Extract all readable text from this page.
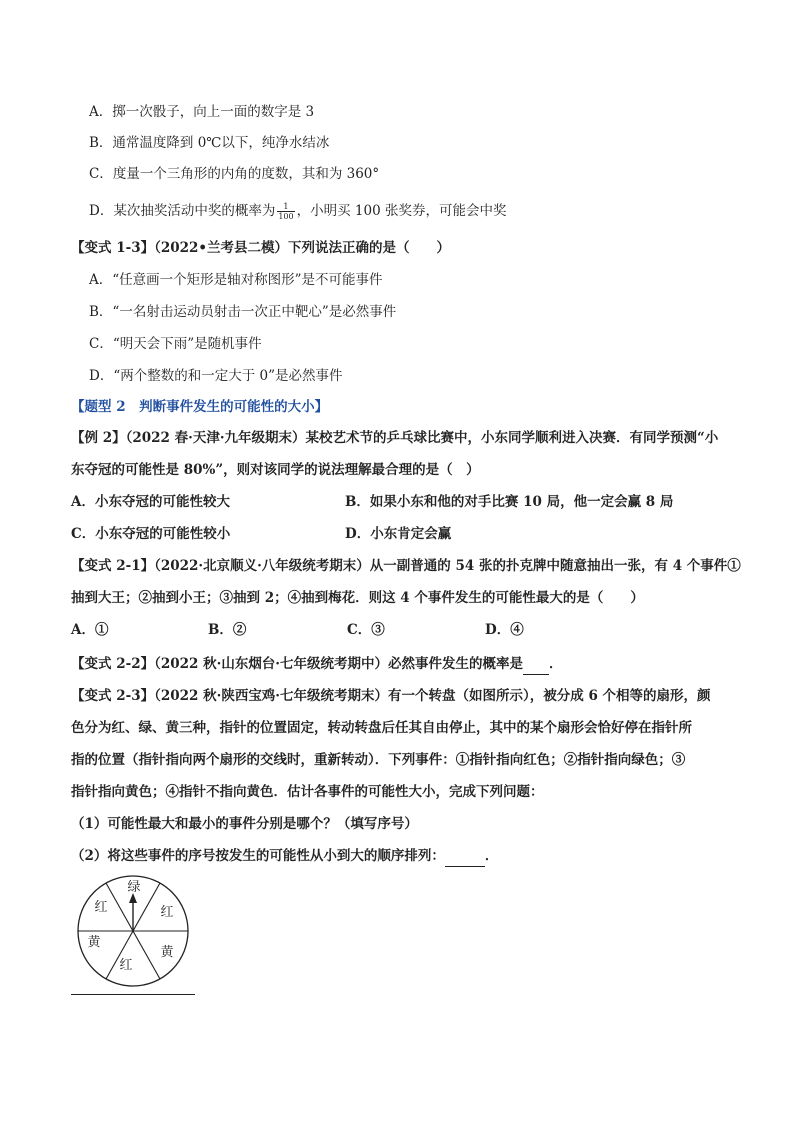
A．掷一次骰子，向上一面的数字是 3
B．通常温度降到 0℃以下，纯净水结冰
C．度量一个三角形的内角的度数，其和为 360°
D．某次抽奖活动中奖的概率为 $\frac{1}{100}$ ，小明买 100 张奖券，可能会中奖
【变式 1-3】（2022•兰考县二模）下列说法正确的是（　　）
A．“任意画一个矩形是轴对称图形”是不可能事件
B．“一名射击运动员射击一次正中靶心”是必然事件
C．“明天会下雨”是随机事件
D．“两个整数的和一定大于 0”是必然事件
【题型 2　判断事件发生的可能性的大小】
【例 2】（2022 春·天津·九年级期末）某校艺术节的乒乓球比赛中，小东同学顺利进入决赛．有同学预测“小
东夺冠的可能性是 80%”，则对该同学的说法理解最合理的是（　）
A．小东夺冠的可能性较大	B．如果小东和他的对手比赛 10 局，他一定会赢 8 局
C．小东夺冠的可能性较小	D．小东肯定会赢
【变式 2-1】（2022·北京顺义·八年级统考期末）从一副普通的 54 张的扑克牌中随意抽出一张，有 4 个事件①
抽到大王；②抽到小王；③抽到 2；④抽到梅花．则这 4 个事件发生的可能性最大的是（　　）
A．①	B．②	C．③	D．④
【变式 2-2】（2022 秋·山东烟台·七年级统考期中）必然事件发生的概率是 ．
【变式 2-3】（2022 秋·陕西宝鸡·七年级统考期末）有一个转盘（如图所示），被分成 6 个相等的扇形，颜
色分为红、绿、黄三种，指针的位置固定，转动转盘后任其自由停止，其中的某个扇形会恰好停在指针所
指的位置（指针指向两个扇形的交线时，重新转动）．下列事件：①指针指向红色；②指针指向绿色；③
指针指向黄色；④指针不指向黄色．估计各事件的可能性大小，完成下列问题：
（1）可能性最大和最小的事件分别是哪个？（填写序号）
（2）将这些事件的序号按发生的可能性从小到大的顺序排列：	．
绿
红
黄
红
黄
红
